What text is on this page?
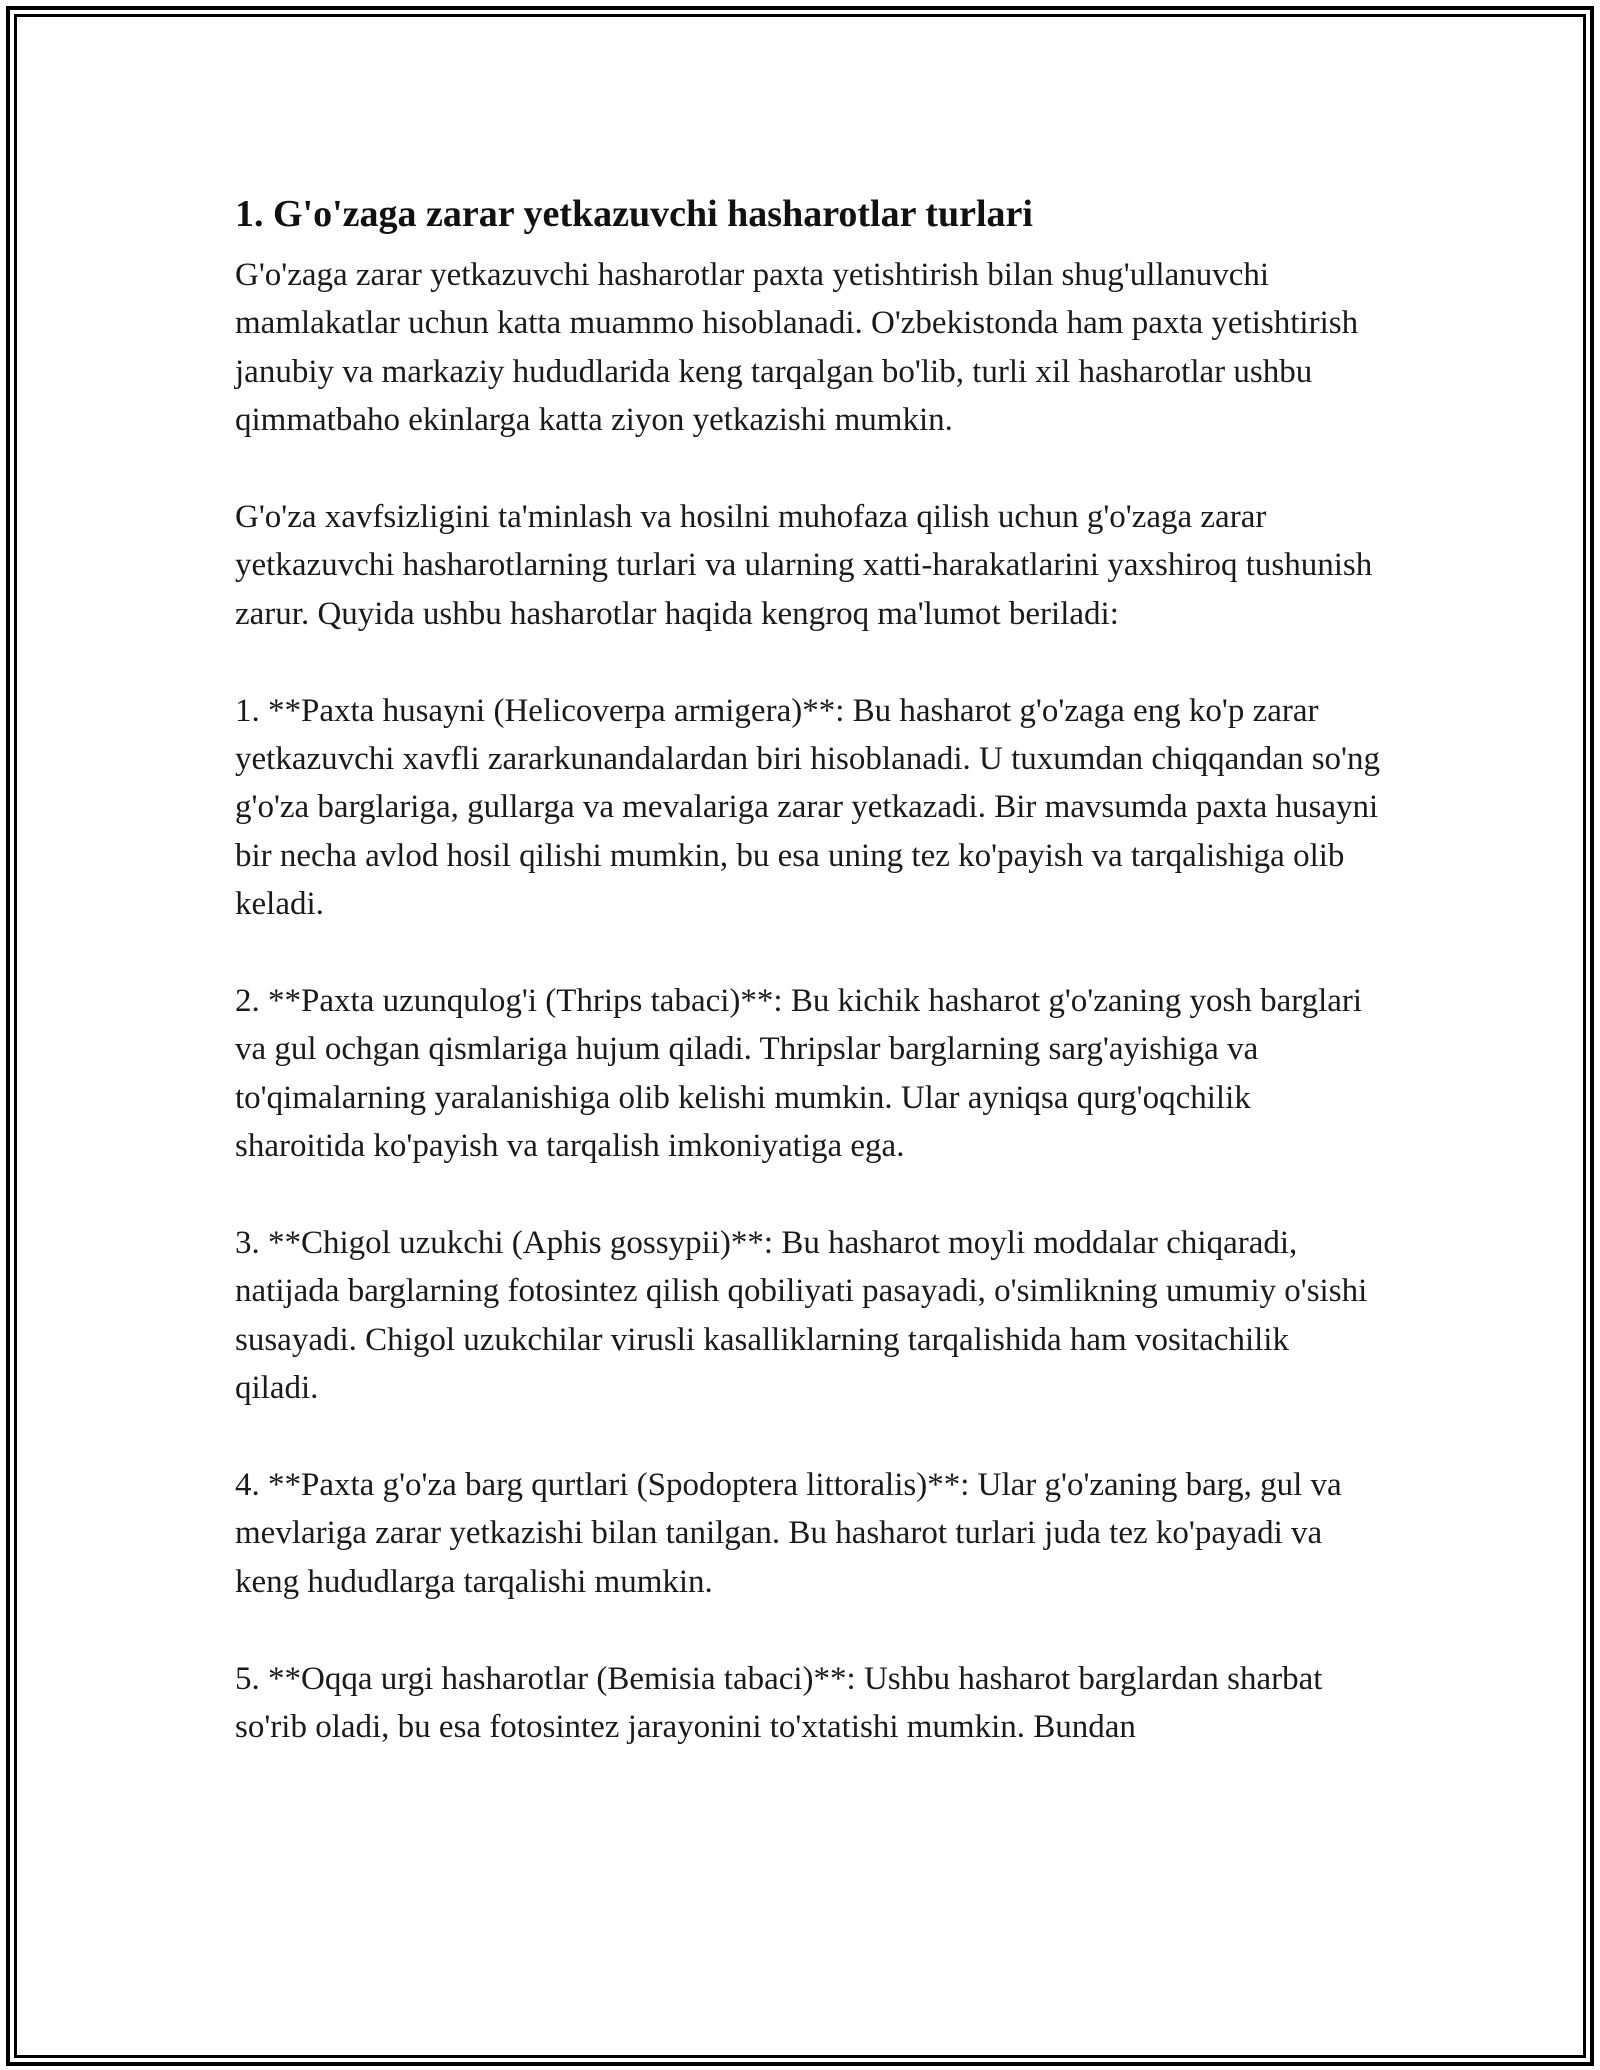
1. G'o'zaga zarar yetkazuvchi hasharotlar turlari

G'o'zaga zarar yetkazuvchi hasharotlar paxta yetishtirish bilan shug'ullanuvchi mamlakatlar uchun katta muammo hisoblanadi. O'zbekistonda ham paxta yetishtirish janubiy va markaziy hududlarida keng tarqalgan bo'lib, turli xil hasharotlar ushbu qimmatbaho ekinlarga katta ziyon yetkazishi mumkin.

G'o'za xavfsizligini ta'minlash va hosilni muhofaza qilish uchun g'o'zaga zarar yetkazuvchi hasharotlarning turlari va ularning xatti-harakatlarini yaxshiroq tushunish zarur. Quyida ushbu hasharotlar haqida kengroq ma'lumot beriladi:

1. **Paxta husayni (Helicoverpa armigera)**: Bu hasharot g'o'zaga eng ko'p zarar yetkazuvchi xavfli zararkunandalardan biri hisoblanadi. U tuxumdan chiqqandan so'ng g'o'za barglariga, gullarga va mevalariga zarar yetkazadi. Bir mavsumda paxta husayni bir necha avlod hosil qilishi mumkin, bu esa uning tez ko'payish va tarqalishiga olib keladi.

2. **Paxta uzunqulog'i (Thrips tabaci)**: Bu kichik hasharot g'o'zaning yosh barglari va gul ochgan qismlariga hujum qiladi. Thripslar barglarning sarg'ayishiga va to'qimalarning yaralanishiga olib kelishi mumkin. Ular ayniqsa qurg'oqchilik sharoitida ko'payish va tarqalish imkoniyatiga ega.

3. **Chigol uzukchi (Aphis gossypii)**: Bu hasharot moyli moddalar chiqaradi, natijada barglarning fotosintez qilish qobiliyati pasayadi, o'simlikning umumiy o'sishi susayadi. Chigol uzukchilar virusli kasalliklarning tarqalishida ham vositachilik qiladi.

4. **Paxta g'o'za barg qurtlari (Spodoptera littoralis)**: Ular g'o'zaning barg, gul va mevlariga zarar yetkazishi bilan tanilgan. Bu hasharot turlari juda tez ko'payadi va keng hududlarga tarqalishi mumkin.

5. **Oqqa urgi hasharotlar (Bemisia tabaci)**: Ushbu hasharot barglardan sharbat so'rib oladi, bu esa fotosintez jarayonini to'xtatishi mumkin. Bundan
